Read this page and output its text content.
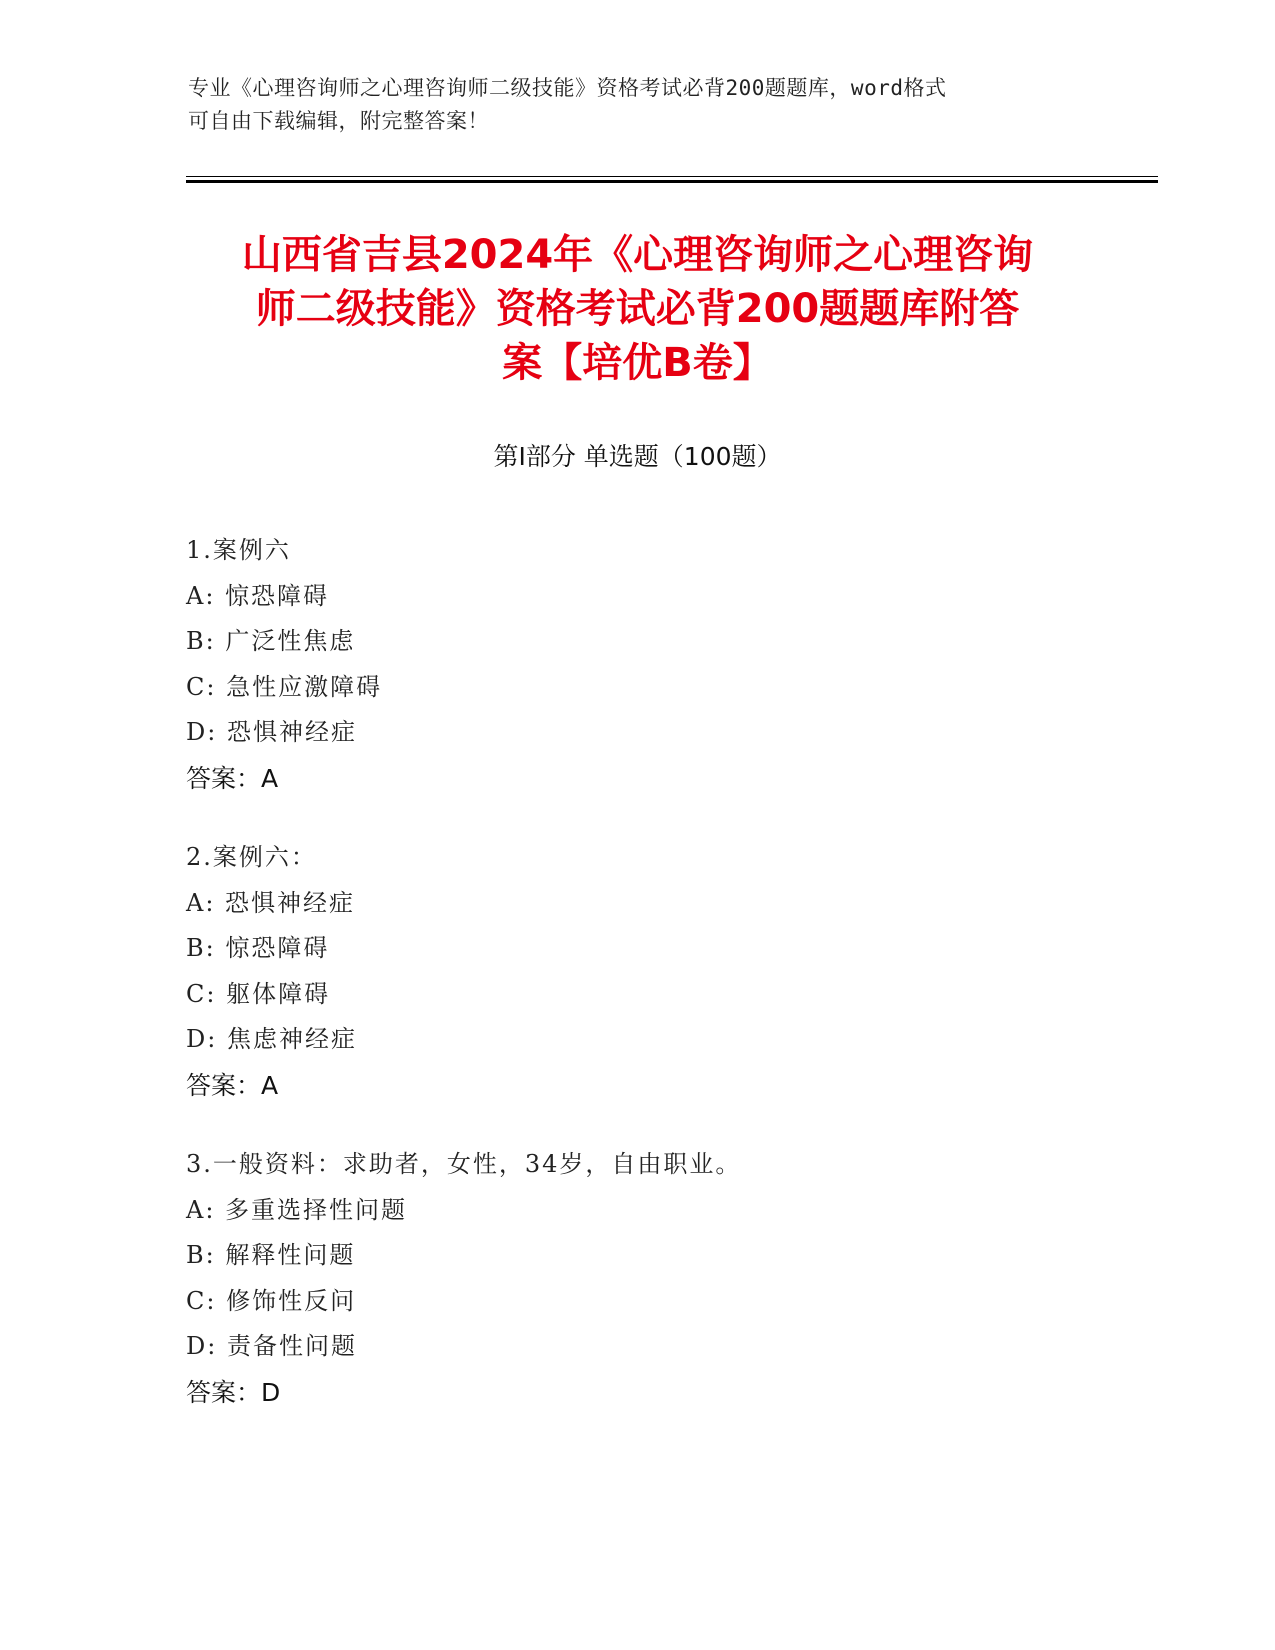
专业《心理咨询师之心理咨询师二级技能》资格考试必背200题题库，word格式
可自由下载编辑，附完整答案！
山西省吉县2024年《心理咨询师之心理咨询
师二级技能》资格考试必背200题题库附答
案【培优B卷】
第Ⅰ部分 单选题（100题）
1.案例六
A: 惊恐障碍
B: 广泛性焦虑
C: 急性应激障碍
D: 恐惧神经症
答案：A
2.案例六：
A: 恐惧神经症
B: 惊恐障碍
C: 躯体障碍
D: 焦虑神经症
答案：A
3.一般资料：求助者，女性，34岁，自由职业。
A: 多重选择性问题
B: 解释性问题
C: 修饰性反问
D: 责备性问题
答案：D
